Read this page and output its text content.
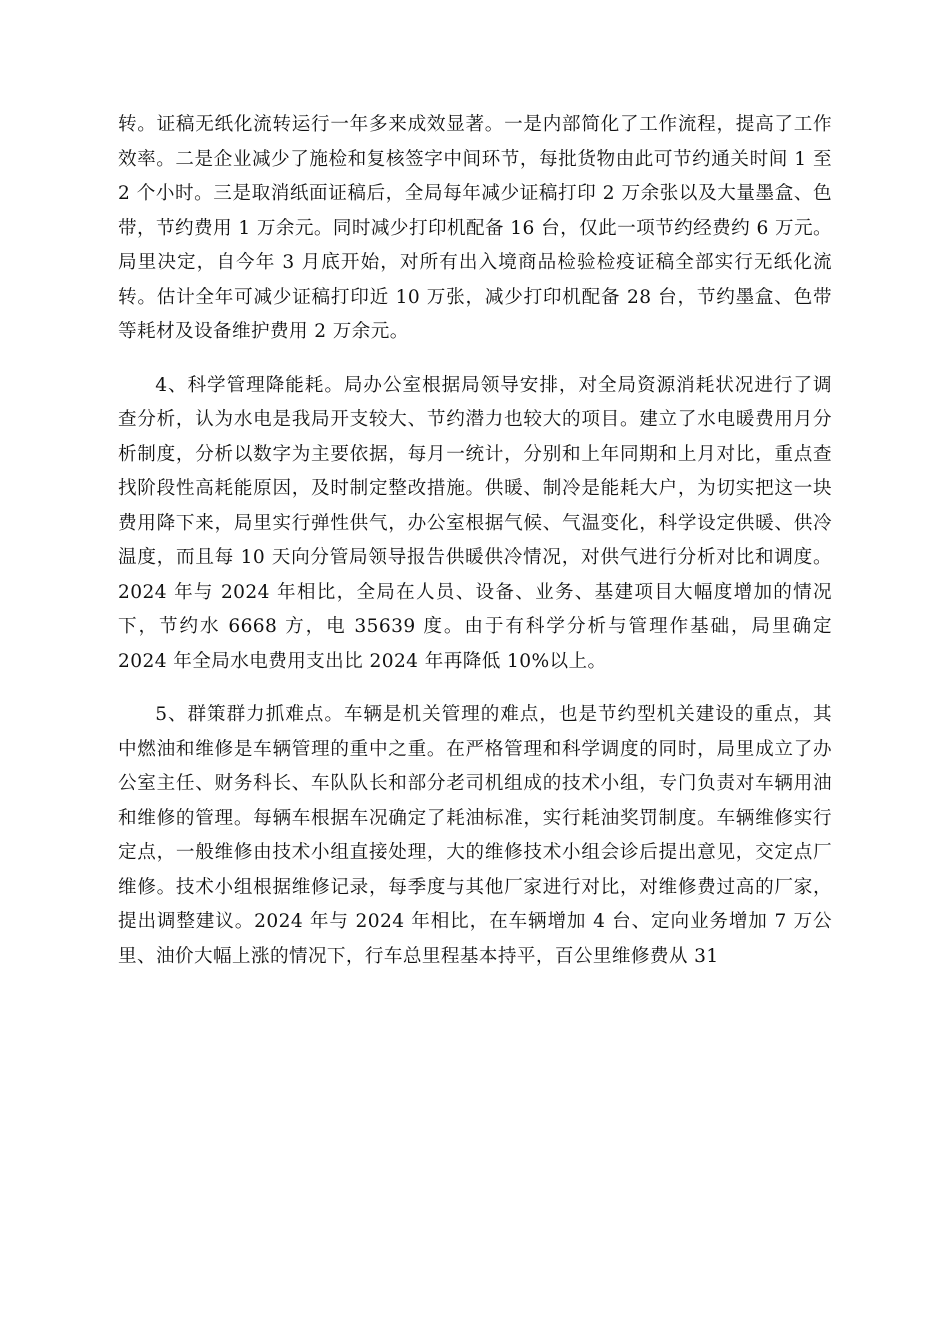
转。证稿无纸化流转运行一年多来成效显著。一是内部简化了工作流程，提高了工作效率。二是企业减少了施检和复核签字中间环节，每批货物由此可节约通关时间 1 至 2 个小时。三是取消纸面证稿后，全局每年减少证稿打印 2 万余张以及大量墨盒、色带，节约费用 1 万余元。同时减少打印机配备 16 台，仅此一项节约经费约 6 万元。局里决定，自今年 3 月底开始，对所有出入境商品检验检疫证稿全部实行无纸化流转。估计全年可减少证稿打印近 10 万张，减少打印机配备 28 台，节约墨盒、色带等耗材及设备维护费用 2 万余元。

4、科学管理降能耗。局办公室根据局领导安排，对全局资源消耗状况进行了调查分析，认为水电是我局开支较大、节约潜力也较大的项目。建立了水电暖费用月分析制度，分析以数字为主要依据，每月一统计，分别和上年同期和上月对比，重点查找阶段性高耗能原因，及时制定整改措施。供暖、制冷是能耗大户，为切实把这一块费用降下来，局里实行弹性供气，办公室根据气候、气温变化，科学设定供暖、供冷温度，而且每 10 天向分管局领导报告供暖供冷情况，对供气进行分析对比和调度。2024 年与 2024 年相比，全局在人员、设备、业务、基建项目大幅度增加的情况下，节约水 6668 方，电 35639 度。由于有科学分析与管理作基础，局里确定 2024 年全局水电费用支出比 2024 年再降低 10%以上。

5、群策群力抓难点。车辆是机关管理的难点，也是节约型机关建设的重点，其中燃油和维修是车辆管理的重中之重。在严格管理和科学调度的同时，局里成立了办公室主任、财务科长、车队队长和部分老司机组成的技术小组，专门负责对车辆用油和维修的管理。每辆车根据车况确定了耗油标准，实行耗油奖罚制度。车辆维修实行定点，一般维修由技术小组直接处理，大的维修技术小组会诊后提出意见，交定点厂维修。技术小组根据维修记录，每季度与其他厂家进行对比，对维修费过高的厂家，提出调整建议。2024 年与 2024 年相比，在车辆增加 4 台、定向业务增加 7 万公里、油价大幅上涨的情况下，行车总里程基本持平，百公里维修费从 31
